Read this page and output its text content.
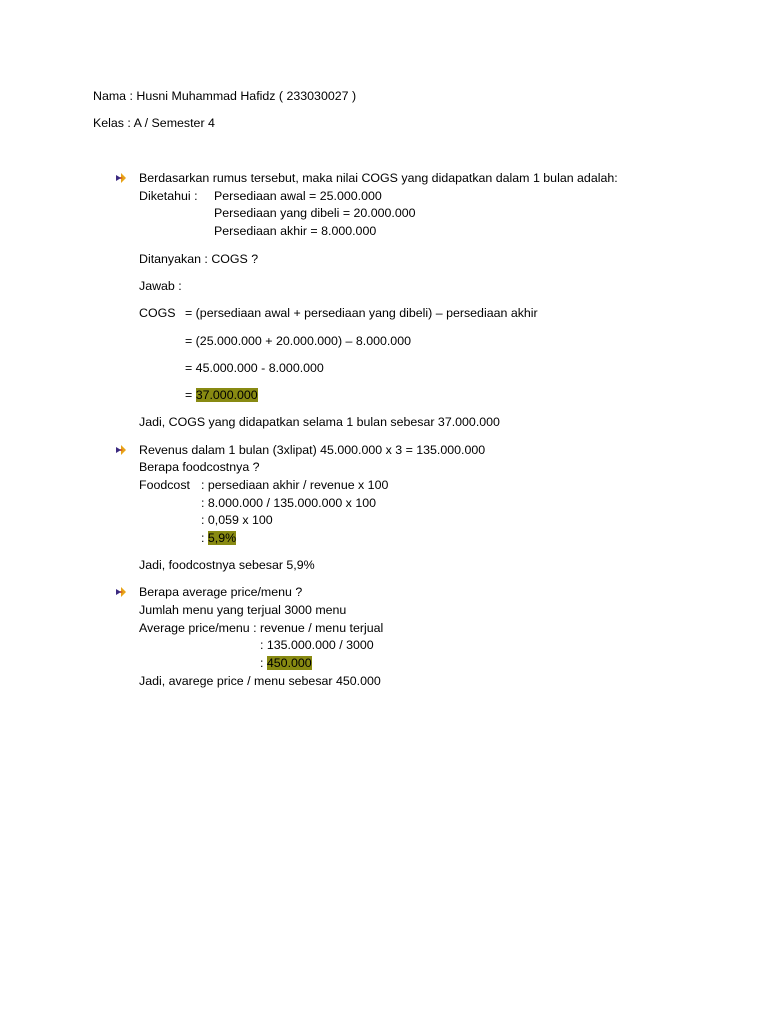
Nama : Husni Muhammad Hafidz ( 233030027 )
Kelas : A / Semester 4
Berdasarkan rumus tersebut, maka nilai COGS yang didapatkan dalam 1 bulan adalah:
Diketahui : Persediaan awal = 25.000.000
Persediaan yang dibeli = 20.000.000
Persediaan akhir = 8.000.000
Ditanyakan : COGS ?
Jawab :
COGS = (persediaan awal + persediaan yang dibeli) – persediaan akhir
= (25.000.000 + 20.000.000) – 8.000.000
= 45.000.000 - 8.000.000
= 37.000.000
Jadi, COGS yang didapatkan selama 1 bulan sebesar 37.000.000
Revenus dalam 1 bulan (3xlipat) 45.000.000 x 3 = 135.000.000
Berapa foodcostnya ?
Foodcost : persediaan akhir / revenue x 100
: 8.000.000 / 135.000.000 x 100
: 0,059 x 100
: 5,9%
Jadi, foodcostnya sebesar 5,9%
Berapa average price/menu ?
Jumlah menu yang terjual 3000 menu
Average price/menu : revenue / menu terjual
: 135.000.000 / 3000
: 450.000
Jadi, avarege price / menu sebesar 450.000
